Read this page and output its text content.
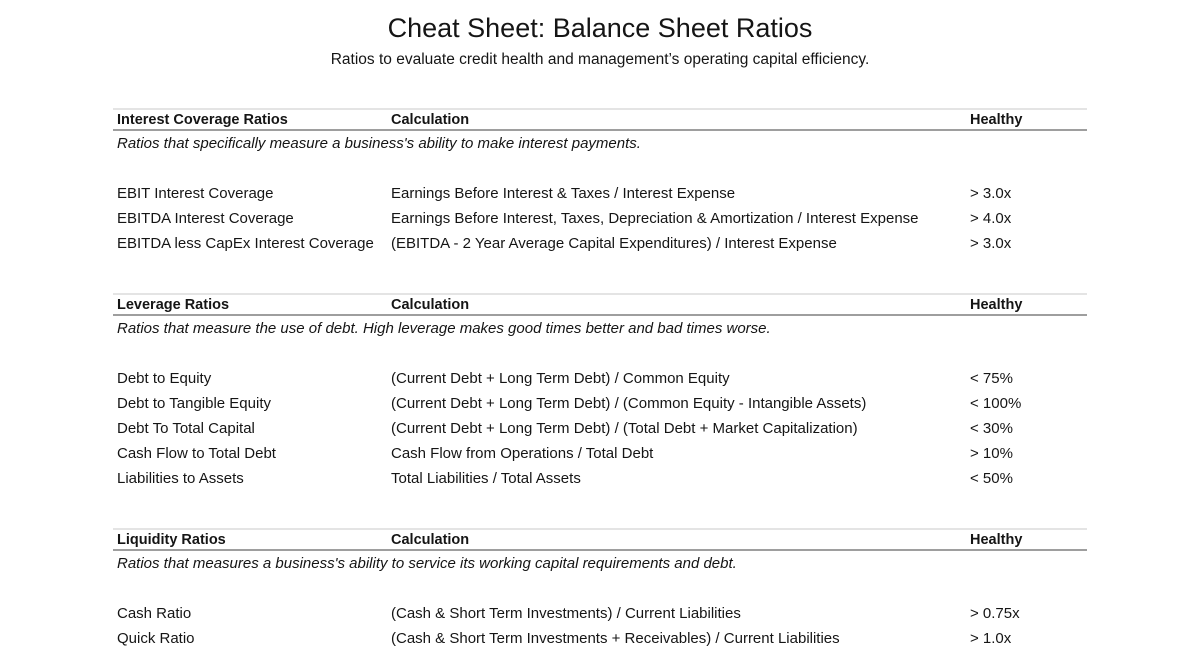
Cheat Sheet: Balance Sheet Ratios
Ratios to evaluate credit health and management’s operating capital efficiency.
Interest Coverage Ratios	Calculation	Healthy
Ratios that specifically measure a business's ability to make interest payments.
EBIT Interest Coverage	Earnings Before Interest & Taxes / Interest Expense	> 3.0x
EBITDA Interest Coverage	Earnings Before Interest, Taxes, Depreciation & Amortization / Interest Expense	> 4.0x
EBITDA less CapEx Interest Coverage	(EBITDA - 2 Year Average Capital Expenditures) / Interest Expense	> 3.0x
Leverage Ratios	Calculation	Healthy
Ratios that measure the use of debt. High leverage makes good times better and bad times worse.
Debt to Equity	(Current Debt + Long Term Debt) / Common Equity	< 75%
Debt to Tangible Equity	(Current Debt + Long Term Debt) / (Common Equity - Intangible Assets)	< 100%
Debt To Total Capital	(Current Debt + Long Term Debt) / (Total Debt + Market Capitalization)	< 30%
Cash Flow to Total Debt	Cash Flow from Operations / Total Debt	> 10%
Liabilities to Assets	Total Liabilities / Total Assets	< 50%
Liquidity Ratios	Calculation	Healthy
Ratios that measures a business's ability to service its working capital requirements and debt.
Cash Ratio	(Cash & Short Term Investments) / Current Liabilities	> 0.75x
Quick Ratio	(Cash & Short Term Investments + Receivables) / Current Liabilities	> 1.0x
